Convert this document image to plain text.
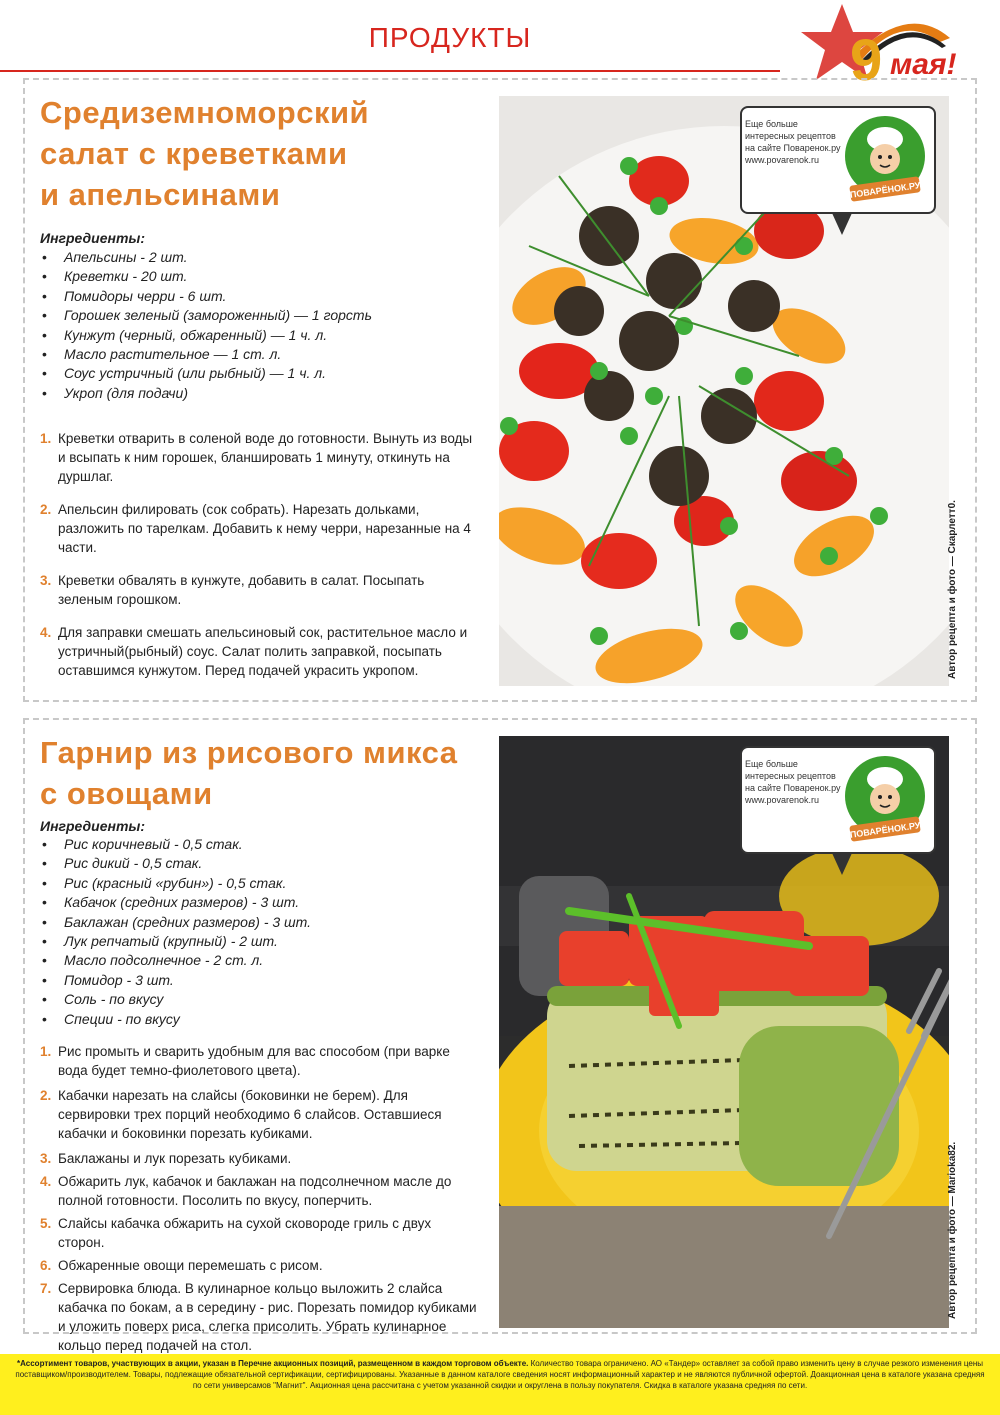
ПРОДУКТЫ	9 мая!
Средиземноморский
салат с креветками
и апельсинами
Ингредиенты:
• Апельсины - 2 шт.
• Креветки - 20 шт.
• Помидоры черри - 6 шт.
• Горошек зеленый (замороженный) — 1 горсть
• Кунжут (черный, обжаренный) — 1 ч. л.
• Масло растительное — 1 ст. л.
• Соус устричный (или рыбный) — 1 ч. л.
• Укроп (для подачи)
1. Креветки отварить в соленой воде до готовности. Вынуть из воды и всыпать к ним горошек, бланшировать 1 минуту, откинуть на дуршлаг.
2. Апельсин филировать (сок собрать). Нарезать дольками, разложить по тарелкам. Добавить к нему черри, нарезанные на 4 части.
3. Креветки обвалять в кунжуте, добавить в салат. Посыпать зеленым горошком.
4. Для заправки смешать апельсиновый сок, растительное масло и устричный(рыбный) соус. Салат полить заправкой, посыпать оставшимся кунжутом. Перед подачей украсить укропом.
Еще больше
интересных рецептов
на сайте Поваренок.ру
www.povarenok.ru
ПОВАРЁНОК.РУ
Автор рецепта и фото — Скарлетт0.
Гарнир из рисового микса
с овощами
Ингредиенты:
• Рис коричневый - 0,5 стак.
• Рис дикий - 0,5 стак.
• Рис (красный «рубин») - 0,5 стак.
• Кабачок (средних размеров) - 3 шт.
• Баклажан (средних размеров) - 3 шт.
• Лук репчатый (крупный) - 2 шт.
• Масло подсолнечное - 2 ст. л.
• Помидор - 3 шт.
• Соль - по вкусу
• Специи - по вкусу
1. Рис промыть и сварить удобным для вас способом (при варке вода будет темно-фиолетового цвета).
2. Кабачки нарезать на слайсы (боковинки не берем). Для сервировки трех порций необходимо 6 слайсов. Оставшиеся кабачки и боковинки порезать кубиками.
3. Баклажаны и лук порезать кубиками.
4. Обжарить лук, кабачок и баклажан на подсолнечном масле до полной готовности. Посолить по вкусу, поперчить.
5. Слайсы кабачка обжарить на сухой сковороде гриль с двух сторон.
6. Обжаренные овощи перемешать с рисом.
7. Сервировка блюда. В кулинарное кольцо выложить 2 слайса кабачка по бокам, а в середину - рис. Порезать помидор кубиками и уложить поверх риса, слегка присолить. Убрать кулинарное кольцо перед подачей на стол.
Еще больше
интересных рецептов
на сайте Поваренок.ру
www.povarenok.ru
ПОВАРЁНОК.РУ
Автор рецепта и фото — Marioka82.
*Ассортимент товаров, участвующих в акции, указан в Перечне акционных позиций, размещенном в каждом торговом объекте. Количество товара ограничено. АО «Тандер» оставляет за собой право изменить цену в случае резкого изменения цены поставщиком/производителем. Товары, подлежащие обязательной сертификации, сертифицированы. Указанные в данном каталоге сведения носят информационный характер и не являются публичной офертой. Доакционная цена в каталоге указана средняя по сети универсамов "Магнит". Акционная цена рассчитана с учетом указанной скидки и округлена в пользу покупателя. Скидка в каталоге указана средняя по сети.
